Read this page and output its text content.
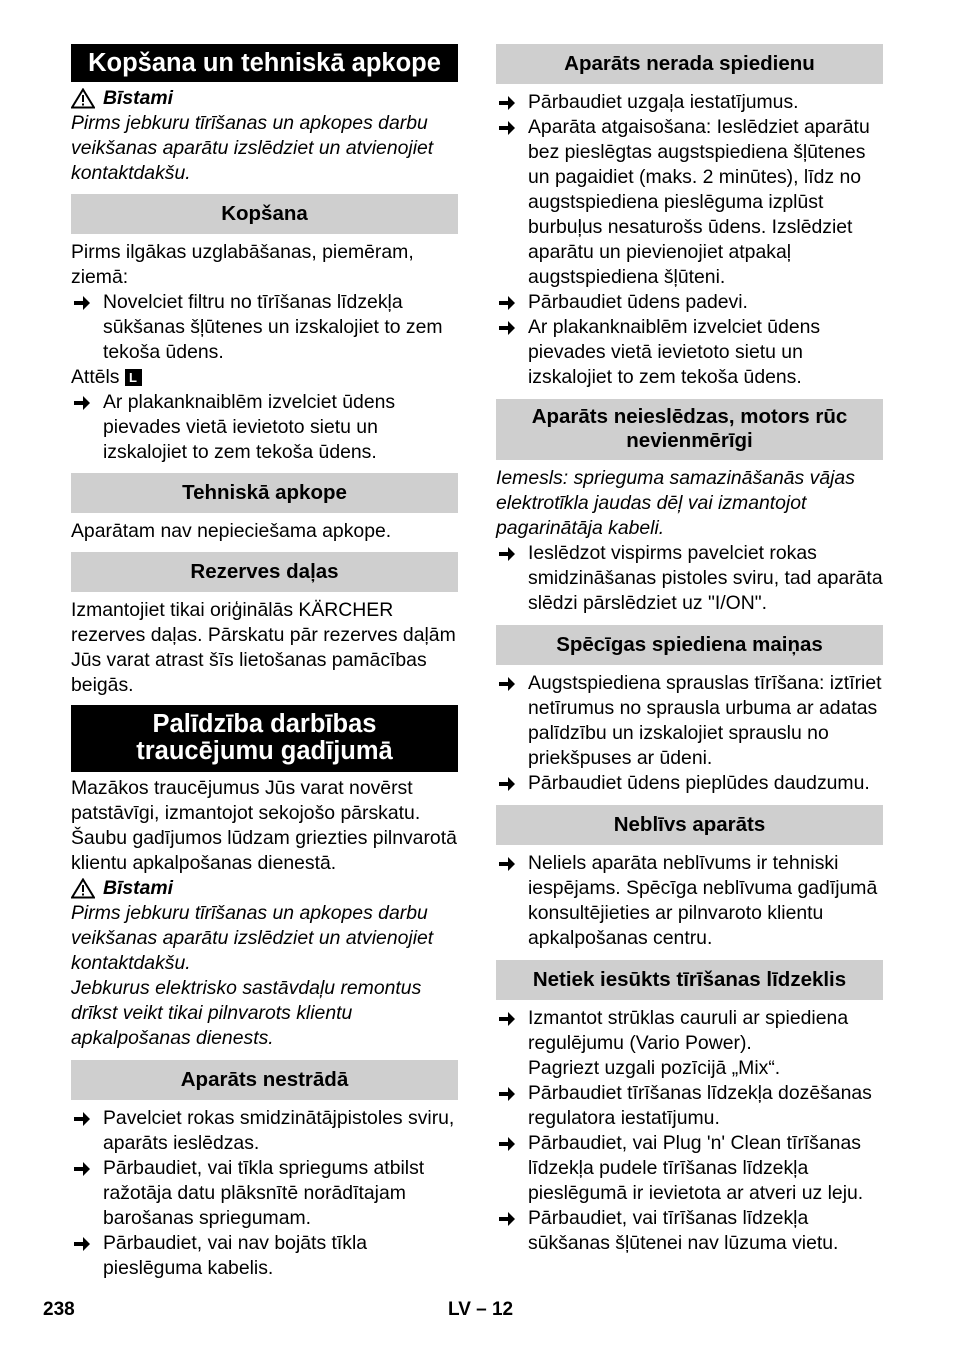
Kopšana un tehniskā apkope
Bīstami

Pirms jebkuru tīrīšanas un apkopes darbu veikšanas aparātu izslēdziet un atvienojiet kontaktdakšu.

Kopšana

Pirms ilgākas uzglabāšanas, piemēram, ziemā:

Novelciet filtru no tīrīšanas līdzekļa sūkšanas šļūtenes un izskalojiet to zem tekoša ūdens.

Attēls L

Ar plakanknaiblēm izvelciet ūdens pievades vietā ievietoto sietu un izskalojiet to zem tekoša ūdens.
Tehniskā apkope

Aparātam nav nepieciešama apkope.

Rezerves daļas

Izmantojiet tikai oriģinālās KÄRCHER rezerves daļas. Pārskatu pār rezerves daļām Jūs varat atrast šīs lietošanas pamācības beigās.

Palīdzība darbības
traucējumu gadījumā

Mazākos traucējumus Jūs varat novērst patstāvīgi, izmantojot sekojošo pārskatu. Šaubu gadījumos lūdzam griezties pilnvarotā klientu apkalpošanas dienestā.

Bīstami

Pirms jebkuru tīrīšanas un apkopes darbu veikšanas aparātu izslēdziet un atvienojiet kontaktdakšu.

Jebkurus elektrisko sastāvdaļu remontus drīkst veikt tikai pilnvarots klientu apkalpošanas dienests.

Aparāts nestrādā
Pavelciet rokas smidzinātājpistoles sviru, aparāts ieslēdzas.
Pārbaudiet, vai tīkla spriegums atbilst ražotāja datu plāksnītē norādītajam barošanas spriegumam.
Pārbaudiet, vai nav bojāts tīkla pieslēguma kabelis.
Aparāts nerada spiedienu
Pārbaudiet uzgaļa iestatījumus.
Aparāta atgaisošana: Ieslēdziet aparātu bez pieslēgtas augstspiediena šļūtenes un pagaidiet (maks. 2 minūtes), līdz no augstspiediena pieslēguma izplūst burbuļus nesaturošs ūdens. Izslēdziet aparātu un pievienojiet atpakaļ augstspiediena šļūteni.
Pārbaudiet ūdens padevi.
Ar plakanknaiblēm izvelciet ūdens pievades vietā ievietoto sietu un izskalojiet to zem tekoša ūdens.
Aparāts neieslēdzas, motors rūc
nevienmērīgi

Iemesls: sprieguma samazināšanās vājas elektrotīkla jaudas dēļ vai izmantojot pagarinātāja kabeli.

Ieslēdzot vispirms pavelciet rokas smidzināšanas pistoles sviru, tad aparāta slēdzi pārslēdziet uz "I/ON".
Spēcīgas spiediena maiņas
Augstspiediena sprauslas tīrīšana: iztīriet netīrumus no sprausla urbuma ar adatas palīdzību un izskalojiet sprauslu no priekšpuses ar ūdeni.
Pārbaudiet ūdens pieplūdes daudzumu.
Neblīvs aparāts
Neliels aparāta neblīvums ir tehniski iespējams. Spēcīga neblīvuma gadījumā konsultējieties ar pilnvaroto klientu apkalpošanas centru.
Netiek iesūkts tīrīšanas līdzeklis
Izmantot strūklas cauruli ar spiediena regulējumu (Vario Power).
Pagriezt uzgali pozīcijā „Mix“.
Pārbaudiet tīrīšanas līdzekļa dozēšanas regulatora iestatījumu.
Pārbaudiet, vai Plug 'n' Clean tīrīšanas līdzekļa pudele tīrīšanas līdzekļa pieslēgumā ir ievietota ar atveri uz leju.
Pārbaudiet, vai tīrīšanas līdzekļa sūkšanas šļūtenei nav lūzuma vietu.
238	LV – 12
